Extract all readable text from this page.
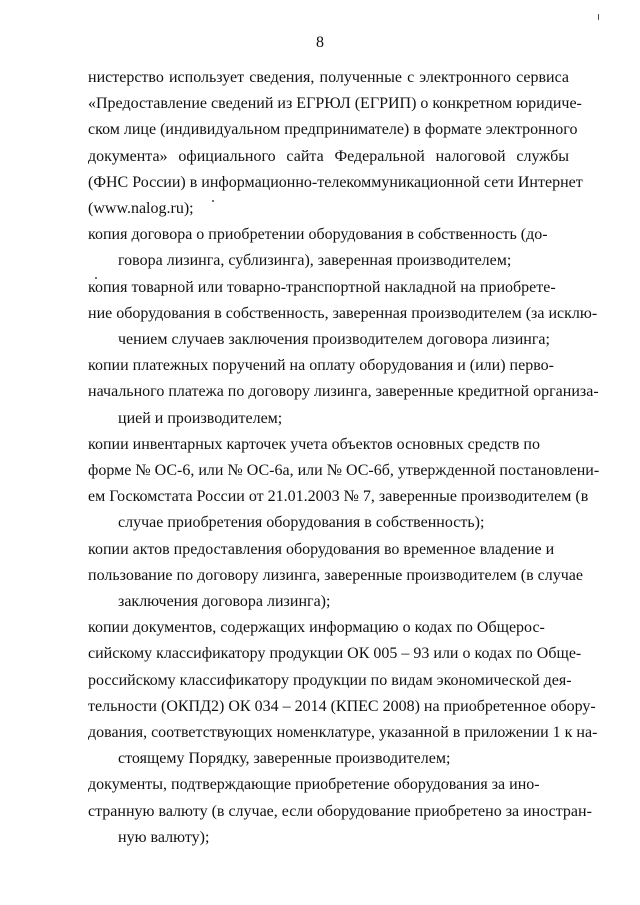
8

нистерство использует сведения, полученные с электронного сервиса
«Предоставление сведений из ЕГРЮЛ (ЕГРИП) о конкретном юридиче-
ском лице (индивидуальном предпринимателе) в формате электронного
документа» официального сайта Федеральной налоговой службы
(ФНС России) в информационно-телекоммуникационной сети Интернет
(www.nalog.ru);

копия договора о приобретении оборудования в собственность (до-
говора лизинга, сублизинга), заверенная производителем;

копия товарной или товарно-транспортной накладной на приобрете-
ние оборудования в собственность, заверенная производителем (за исклю-
чением случаев заключения производителем договора лизинга;

копии платежных поручений на оплату оборудования и (или) перво-
начального платежа по договору лизинга, заверенные кредитной организа-
цией и производителем;

копии инвентарных карточек учета объектов основных средств по
форме № ОС-6, или № ОС-6а, или № ОС-6б, утвержденной постановлени-
ем Госкомстата России от 21.01.2003 № 7, заверенные производителем (в
случае приобретения оборудования в собственность);

копии актов предоставления оборудования во временное владение и
пользование по договору лизинга, заверенные производителем (в случае
заключения договора лизинга);

копии документов, содержащих информацию о кодах по Общерос-
сийскому классификатору продукции ОК 005 – 93 или о кодах по Обще-
российскому классификатору продукции по видам экономической дея-
тельности (ОКПД2) ОК 034 – 2014 (КПЕС 2008) на приобретенное обору-
дования, соответствующих номенклатуре, указанной в приложении 1 к на-
стоящему Порядку, заверенные производителем;

документы, подтверждающие приобретение оборудования за ино-
странную валюту (в случае, если оборудование приобретено за иностран-
ную валюту);
